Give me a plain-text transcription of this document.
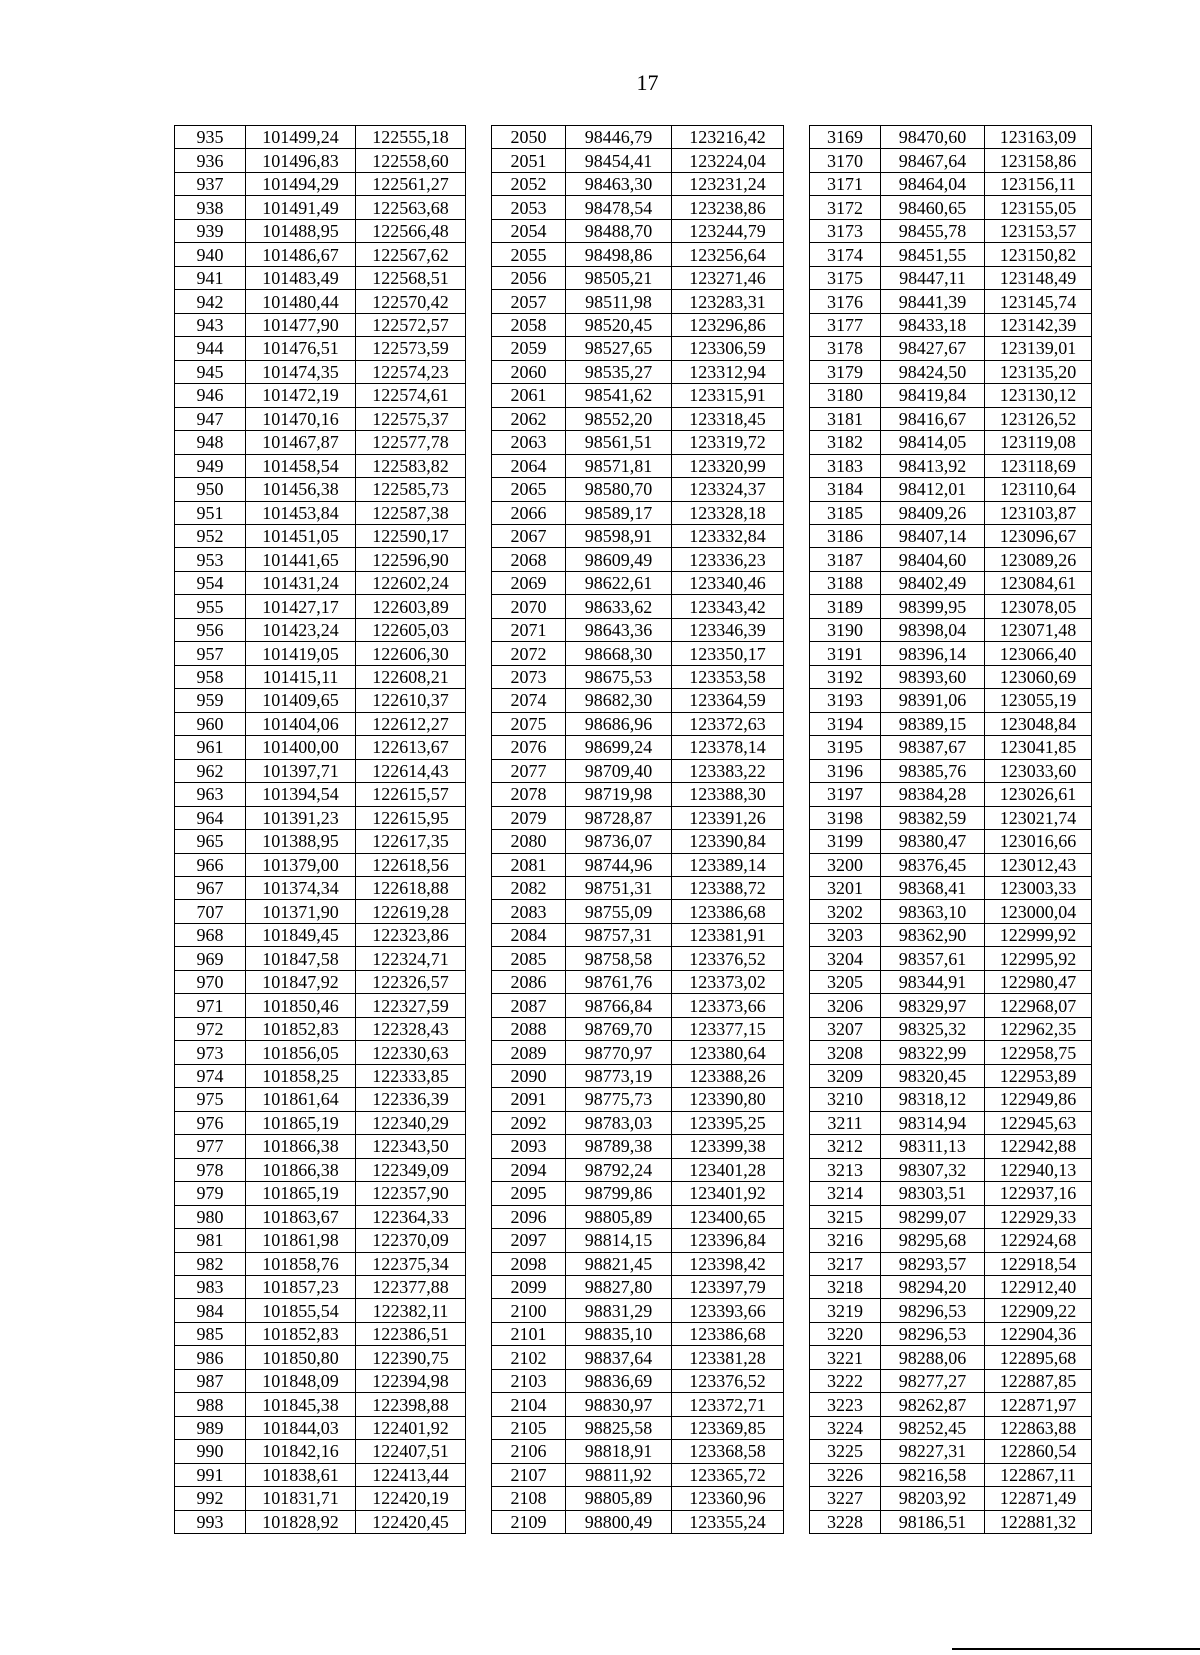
17
935	101499,24	122555,18		2050	98446,79	123216,42		3169	98470,60	123163,09
936	101496,83	122558,60		2051	98454,41	123224,04		3170	98467,64	123158,86
937	101494,29	122561,27		2052	98463,30	123231,24		3171	98464,04	123156,11
938	101491,49	122563,68		2053	98478,54	123238,86		3172	98460,65	123155,05
939	101488,95	122566,48		2054	98488,70	123244,79		3173	98455,78	123153,57
940	101486,67	122567,62		2055	98498,86	123256,64		3174	98451,55	123150,82
941	101483,49	122568,51		2056	98505,21	123271,46		3175	98447,11	123148,49
942	101480,44	122570,42		2057	98511,98	123283,31		3176	98441,39	123145,74
943	101477,90	122572,57		2058	98520,45	123296,86		3177	98433,18	123142,39
944	101476,51	122573,59		2059	98527,65	123306,59		3178	98427,67	123139,01
945	101474,35	122574,23		2060	98535,27	123312,94		3179	98424,50	123135,20
946	101472,19	122574,61		2061	98541,62	123315,91		3180	98419,84	123130,12
947	101470,16	122575,37		2062	98552,20	123318,45		3181	98416,67	123126,52
948	101467,87	122577,78		2063	98561,51	123319,72		3182	98414,05	123119,08
949	101458,54	122583,82		2064	98571,81	123320,99		3183	98413,92	123118,69
950	101456,38	122585,73		2065	98580,70	123324,37		3184	98412,01	123110,64
951	101453,84	122587,38		2066	98589,17	123328,18		3185	98409,26	123103,87
952	101451,05	122590,17		2067	98598,91	123332,84		3186	98407,14	123096,67
953	101441,65	122596,90		2068	98609,49	123336,23		3187	98404,60	123089,26
954	101431,24	122602,24		2069	98622,61	123340,46		3188	98402,49	123084,61
955	101427,17	122603,89		2070	98633,62	123343,42		3189	98399,95	123078,05
956	101423,24	122605,03		2071	98643,36	123346,39		3190	98398,04	123071,48
957	101419,05	122606,30		2072	98668,30	123350,17		3191	98396,14	123066,40
958	101415,11	122608,21		2073	98675,53	123353,58		3192	98393,60	123060,69
959	101409,65	122610,37		2074	98682,30	123364,59		3193	98391,06	123055,19
960	101404,06	122612,27		2075	98686,96	123372,63		3194	98389,15	123048,84
961	101400,00	122613,67		2076	98699,24	123378,14		3195	98387,67	123041,85
962	101397,71	122614,43		2077	98709,40	123383,22		3196	98385,76	123033,60
963	101394,54	122615,57		2078	98719,98	123388,30		3197	98384,28	123026,61
964	101391,23	122615,95		2079	98728,87	123391,26		3198	98382,59	123021,74
965	101388,95	122617,35		2080	98736,07	123390,84		3199	98380,47	123016,66
966	101379,00	122618,56		2081	98744,96	123389,14		3200	98376,45	123012,43
967	101374,34	122618,88		2082	98751,31	123388,72		3201	98368,41	123003,33
707	101371,90	122619,28		2083	98755,09	123386,68		3202	98363,10	123000,04
968	101849,45	122323,86		2084	98757,31	123381,91		3203	98362,90	122999,92
969	101847,58	122324,71		2085	98758,58	123376,52		3204	98357,61	122995,92
970	101847,92	122326,57		2086	98761,76	123373,02		3205	98344,91	122980,47
971	101850,46	122327,59		2087	98766,84	123373,66		3206	98329,97	122968,07
972	101852,83	122328,43		2088	98769,70	123377,15		3207	98325,32	122962,35
973	101856,05	122330,63		2089	98770,97	123380,64		3208	98322,99	122958,75
974	101858,25	122333,85		2090	98773,19	123388,26		3209	98320,45	122953,89
975	101861,64	122336,39		2091	98775,73	123390,80		3210	98318,12	122949,86
976	101865,19	122340,29		2092	98783,03	123395,25		3211	98314,94	122945,63
977	101866,38	122343,50		2093	98789,38	123399,38		3212	98311,13	122942,88
978	101866,38	122349,09		2094	98792,24	123401,28		3213	98307,32	122940,13
979	101865,19	122357,90		2095	98799,86	123401,92		3214	98303,51	122937,16
980	101863,67	122364,33		2096	98805,89	123400,65		3215	98299,07	122929,33
981	101861,98	122370,09		2097	98814,15	123396,84		3216	98295,68	122924,68
982	101858,76	122375,34		2098	98821,45	123398,42		3217	98293,57	122918,54
983	101857,23	122377,88		2099	98827,80	123397,79		3218	98294,20	122912,40
984	101855,54	122382,11		2100	98831,29	123393,66		3219	98296,53	122909,22
985	101852,83	122386,51		2101	98835,10	123386,68		3220	98296,53	122904,36
986	101850,80	122390,75		2102	98837,64	123381,28		3221	98288,06	122895,68
987	101848,09	122394,98		2103	98836,69	123376,52		3222	98277,27	122887,85
988	101845,38	122398,88		2104	98830,97	123372,71		3223	98262,87	122871,97
989	101844,03	122401,92		2105	98825,58	123369,85		3224	98252,45	122863,88
990	101842,16	122407,51		2106	98818,91	123368,58		3225	98227,31	122860,54
991	101838,61	122413,44		2107	98811,92	123365,72		3226	98216,58	122867,11
992	101831,71	122420,19		2108	98805,89	123360,96		3227	98203,92	122871,49
993	101828,92	122420,45		2109	98800,49	123355,24		3228	98186,51	122881,32
